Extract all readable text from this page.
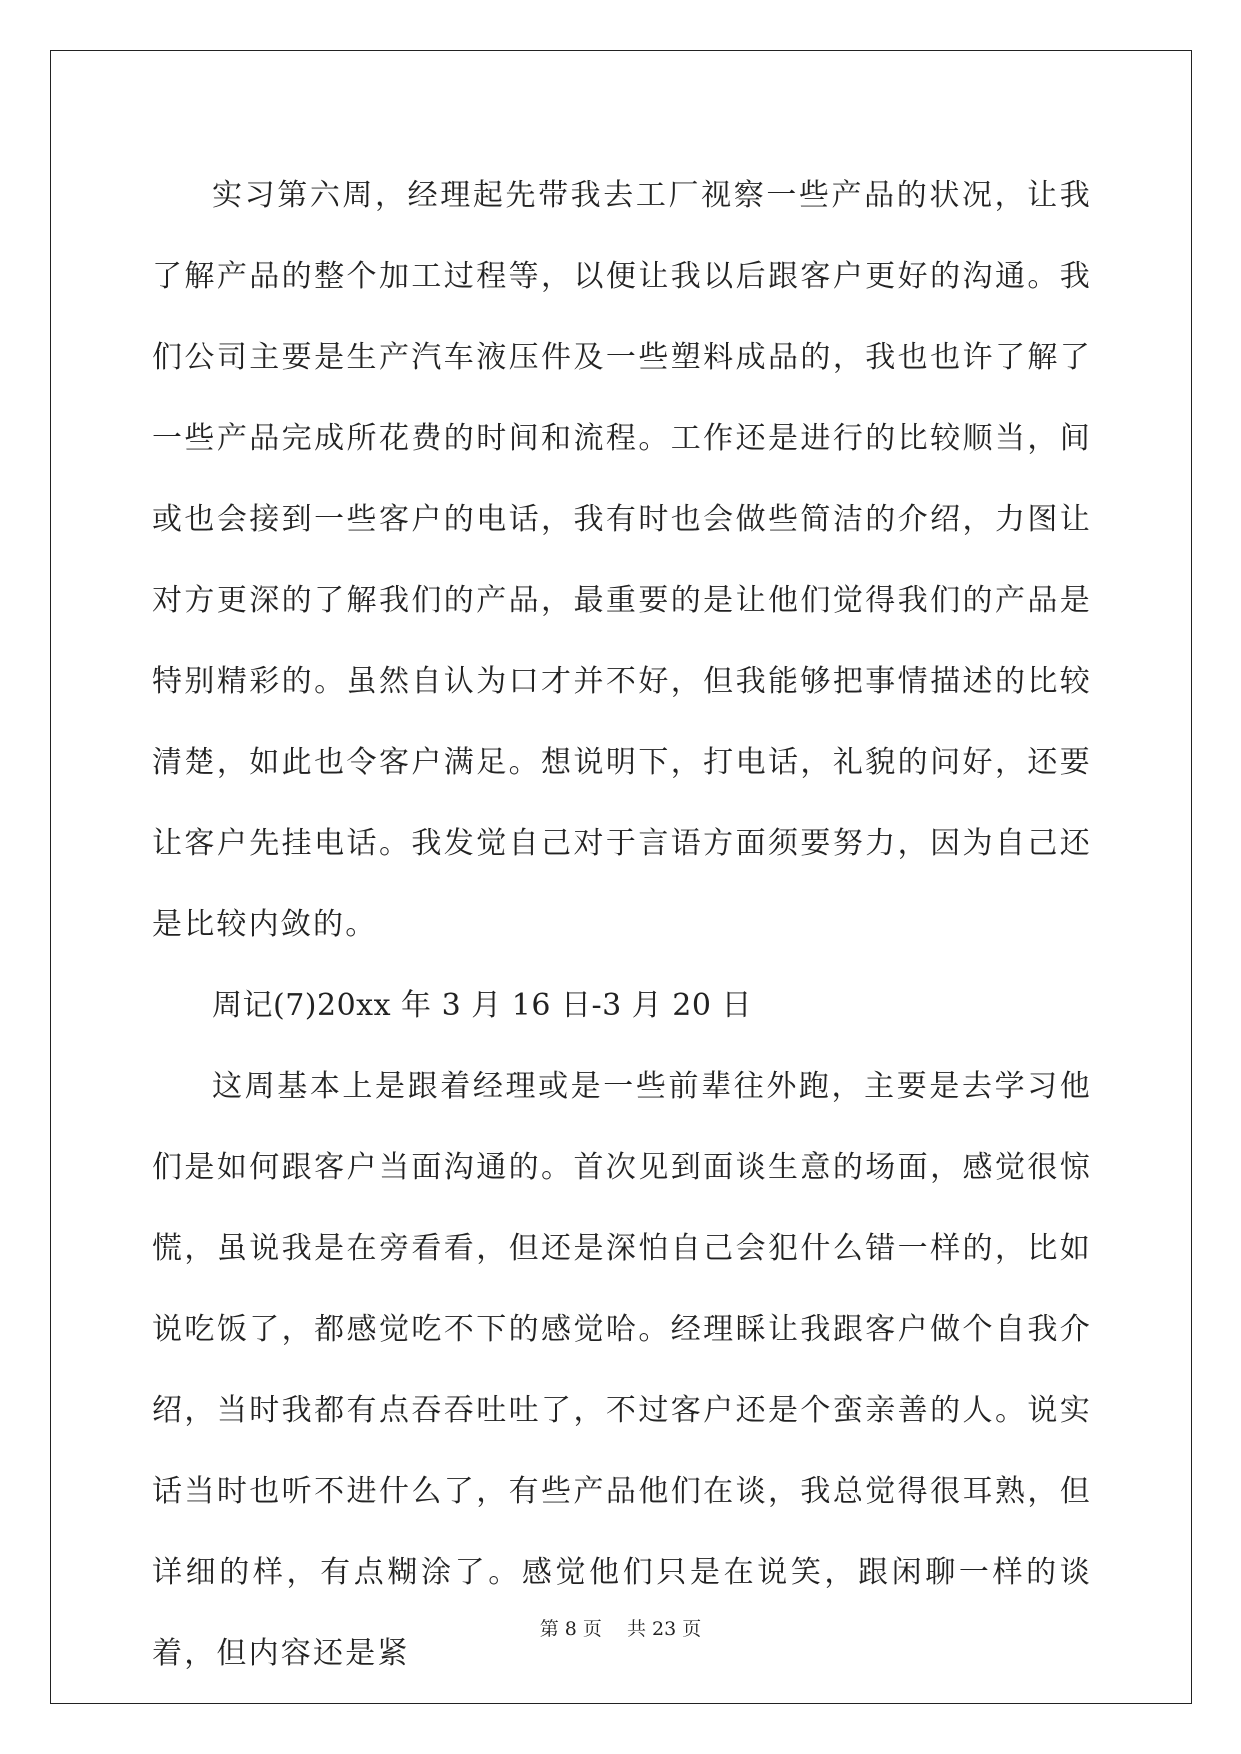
实习第六周，经理起先带我去工厂视察一些产品的状况，让我了解产品的整个加工过程等，以便让我以后跟客户更好的沟通。我们公司主要是生产汽车液压件及一些塑料成品的，我也也许了解了一些产品完成所花费的时间和流程。工作还是进行的比较顺当，间或也会接到一些客户的电话，我有时也会做些简洁的介绍，力图让对方更深的了解我们的产品，最重要的是让他们觉得我们的产品是特别精彩的。虽然自认为口才并不好，但我能够把事情描述的比较清楚，如此也令客户满足。想说明下，打电话，礼貌的问好，还要让客户先挂电话。我发觉自己对于言语方面须要努力，因为自己还是比较内敛的。

周记(7)20xx 年 3 月 16 日-3 月 20 日

这周基本上是跟着经理或是一些前辈往外跑，主要是去学习他们是如何跟客户当面沟通的。首次见到面谈生意的场面，感觉很惊慌，虽说我是在旁看看，但还是深怕自己会犯什么错一样的，比如说吃饭了，都感觉吃不下的感觉哈。经理睬让我跟客户做个自我介绍，当时我都有点吞吞吐吐了，不过客户还是个蛮亲善的人。说实话当时也听不进什么了，有些产品他们在谈，我总觉得很耳熟，但详细的样，有点糊涂了。感觉他们只是在说笑，跟闲聊一样的谈着，但内容还是紧

第 8 页　 共 23 页
